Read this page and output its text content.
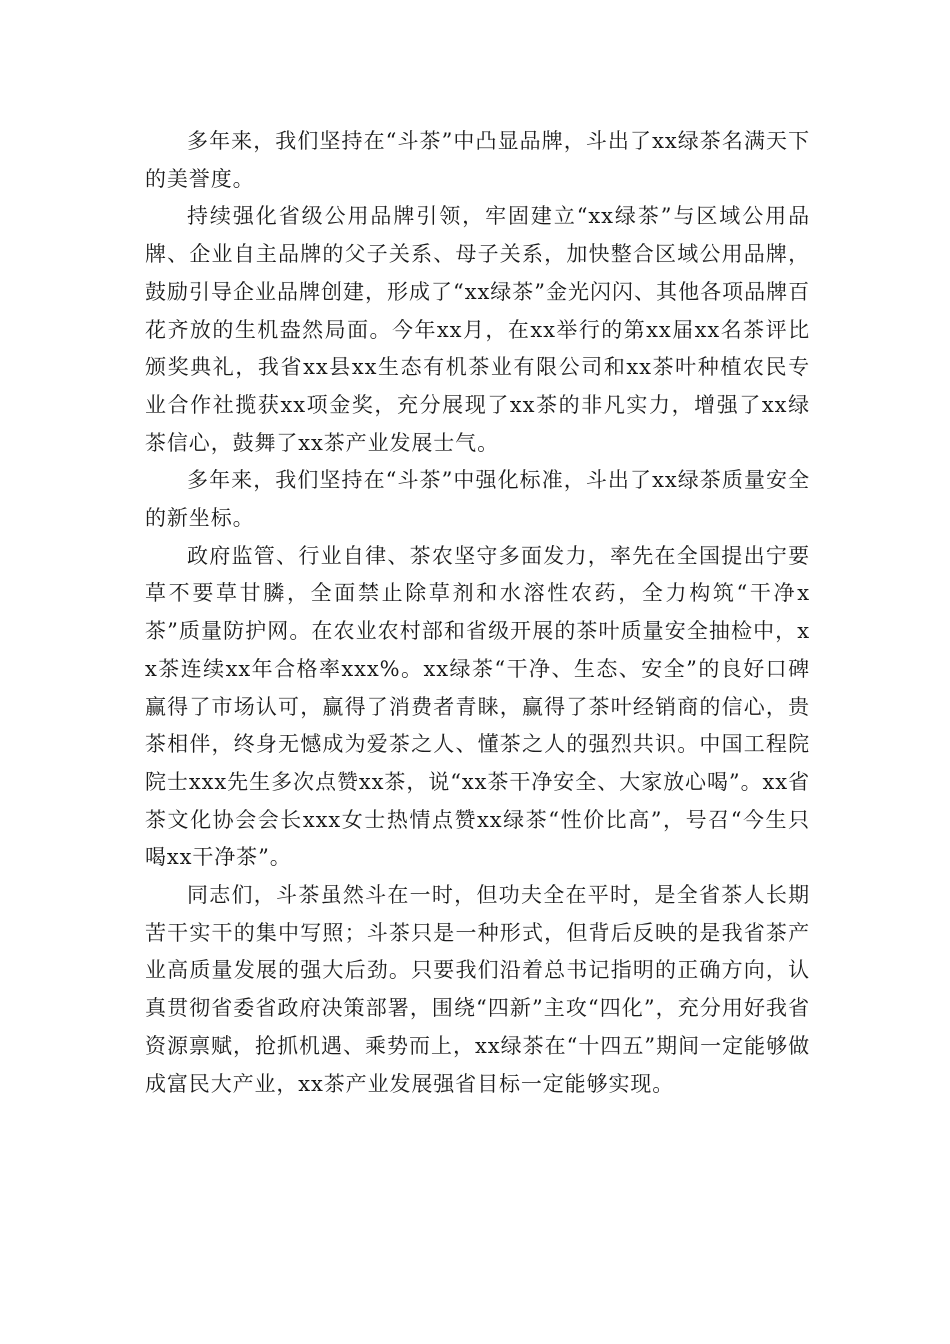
多年来，我们坚持在“斗茶”中凸显品牌，斗出了xx绿茶名满天下的美誉度。

持续强化省级公用品牌引领，牢固建立“xx绿茶”与区域公用品牌、企业自主品牌的父子关系、母子关系，加快整合区域公用品牌，鼓励引导企业品牌创建，形成了“xx绿茶”金光闪闪、其他各项品牌百花齐放的生机盎然局面。今年xx月，在xx举行的第xx届xx名茶评比颁奖典礼，我省xx县xx生态有机茶业有限公司和xx茶叶种植农民专业合作社揽获xx项金奖，充分展现了xx茶的非凡实力，增强了xx绿茶信心，鼓舞了xx茶产业发展士气。

多年来，我们坚持在“斗茶”中强化标准，斗出了xx绿茶质量安全的新坐标。

政府监管、行业自律、茶农坚守多面发力，率先在全国提出宁要草不要草甘膦，全面禁止除草剂和水溶性农药，全力构筑“干净x茶”质量防护网。在农业农村部和省级开展的茶叶质量安全抽检中，xx茶连续xx年合格率xxx%。xx绿茶“干净、生态、安全”的良好口碑赢得了市场认可，赢得了消费者青睐，赢得了茶叶经销商的信心，贵茶相伴，终身无憾成为爱茶之人、懂茶之人的强烈共识。中国工程院院士xxx先生多次点赞xx茶，说“xx茶干净安全、大家放心喝”。xx省茶文化协会会长xxx女士热情点赞xx绿茶“性价比高”，号召“今生只喝xx干净茶”。

同志们，斗茶虽然斗在一时，但功夫全在平时，是全省茶人长期苦干实干的集中写照；斗茶只是一种形式，但背后反映的是我省茶产业高质量发展的强大后劲。只要我们沿着总书记指明的正确方向，认真贯彻省委省政府决策部署，围绕“四新”主攻“四化”，充分用好我省资源禀赋，抢抓机遇、乘势而上，xx绿茶在“十四五”期间一定能够做成富民大产业，xx茶产业发展强省目标一定能够实现。
